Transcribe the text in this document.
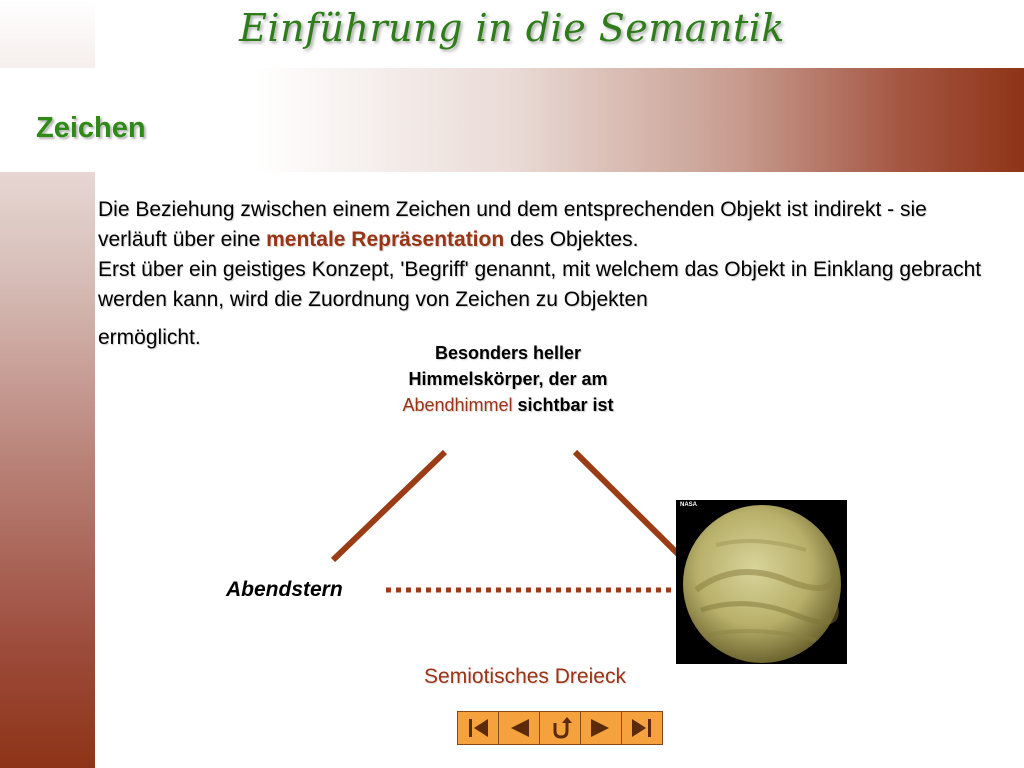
Einführung in die Semantik
Zeichen
Die Beziehung zwischen einem Zeichen und dem entsprechenden Objekt ist indirekt - sie verläuft über eine mentale Repräsentation des Objektes.
Erst über ein geistiges Konzept, 'Begriff' genannt, mit welchem das Objekt in Einklang gebracht werden kann, wird die Zuordnung von Zeichen zu Objekten
ermöglicht.
Besonders heller Himmelskörper, der am Abendhimmel sichtbar ist
Abendstern
NASA
Semiotisches Dreieck
